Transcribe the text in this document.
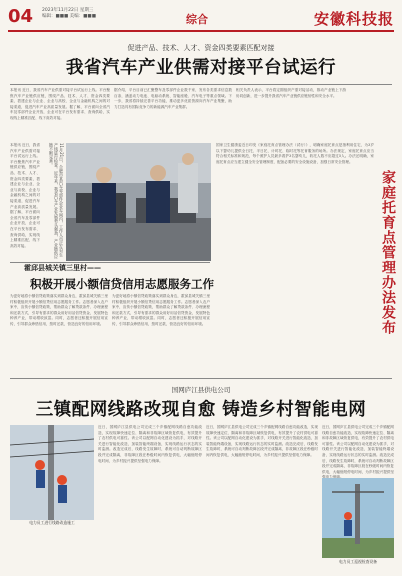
04 2023年11月22日 星期三
编辑：■■■ 美编：■■■	综合	安徽科技报
促进产品、技术、人才、资金四类要素匹配对接
我省汽车产业供需对接平台试运行
本报讯 近日，我省汽车产业供需对接平台试运行上线。平台聚焦汽车产业链供应链，围绕产品、技术、人才、资金四类要素，搭建企业与企业、企业与高校、企业与金融机构之间的对接渠道，促进汽车产业高质量发展。据了解，平台面向全省汽车及零部件企业开放，企业可在平台发布需求、查询供给，实现线上精准匹配、线下高效对接。
据介绍，平台目前已汇聚整车及零部件企业数千家，发布各类需求信息数百条，涵盖动力电池、电驱动系统、智能座舱、汽车电子等重点领域。下一步，我省将持续完善平台功能，推动更多优质资源向汽车产业集聚，助力打造具有国际竞争力的新能源汽车产业集群。
相关负责人表示，平台将定期组织产需对接活动，推动产业链上下游协同创新，进一步提升我省汽车产业链供应链韧性和安全水平。
本报讯 近日，我省汽车产业供需对接平台试运行上线。平台聚焦汽车产业链供应链，围绕产品、技术、人才、资金四类要素，搭建企业与企业、企业与高校、企业与金融机构之间的对接渠道，促进汽车产业高质量发展。据了解，平台面向全省汽车及零部件企业开放，企业可在平台发布需求、查询供给，实现线上精准匹配、线下高效对接。	11月21日，合肥市某汽车零部件企业车间内，工作人员正在对生产线进行检查。近年来，我省汽车产业发展势头强劲，产业链供应链不断完善。	国家卫生健康委近日印发《家庭托育点管理办法（试行）》，明确家庭托育点是指利用住宅，为3岁以下婴幼儿提供全日托、半日托、计时托、临时托等托育服务的场所。办法规定，家庭托育点应当符合相关标准和规范，每个照护人员最多看护3名婴幼儿，收托人数不应超过5人。办法还明确，家庭托育点应当建立健全安全管理制度，配备必要的安全设施设备，加强日常安全管理。
家庭托育点管理办法发布
霍邱县城关镇三里村——
积极开展小额信贷信用志愿服务工作
为更好地将小额信贷政策落实到群众身边，霍邱县城关镇三里村积极组织开展小额信贷信用志愿服务工作。志愿者深入农户家中，宣传小额信贷政策，帮助群众了解贷款条件、办理流程和还款方式，引导有需求的群众用好用活信贷资金，发展特色种养产业，带动增收致富。同时，志愿者还积极开展信用宣传，引导群众珍惜信用，按时还款，营造良好的信用环境。
为更好地将小额信贷政策落实到群众身边，霍邱县城关镇三里村积极组织开展小额信贷信用志愿服务工作。志愿者深入农户家中，宣传小额信贷政策，帮助群众了解贷款条件、办理流程和还款方式，引导有需求的群众用好用活信贷资金，发展特色种养产业，带动增收致富。同时，志愿者还积极开展信用宣传，引导群众珍惜信用，按时还款，营造良好的信用环境。
国网庐江县供电公司
三镇配网线路改现自愈 铸造乡村智能电网
电力员工进行线路改造施工
近日，国网庐江县供电公司完成三个乡镇配网线路自愈功能改造，实现故障快速定位、隔离和非故障区域恢复供电，有效提升了农村供电可靠性。该公司以配网自动化建设为抓手，对线路开关进行智能化改造，加装智能终端设备，实现线路运行状态的实时监测。改造完成后，线路发生故障时，系统可自动判断故障区段并完成隔离，非故障区段在秒级时间内恢复供电，大幅缩短停电时间，为乡村振兴提供坚强电力保障。
近日，国网庐江县供电公司完成三个乡镇配网线路自愈功能改造，实现故障快速定位、隔离和非故障区域恢复供电，有效提升了农村供电可靠性。该公司以配网自动化建设为抓手，对线路开关进行智能化改造，加装智能终端设备，实现线路运行状态的实时监测。改造完成后，线路发生故障时，系统可自动判断故障区段并完成隔离，非故障区段在秒级时间内恢复供电，大幅缩短停电时间，为乡村振兴提供坚强电力保障。
近日，国网庐江县供电公司完成三个乡镇配网线路自愈功能改造，实现故障快速定位、隔离和非故障区域恢复供电，有效提升了农村供电可靠性。该公司以配网自动化建设为抓手，对线路开关进行智能化改造，加装智能终端设备，实现线路运行状态的实时监测。改造完成后，线路发生故障时，系统可自动判断故障区段并完成隔离，非故障区段在秒级时间内恢复供电，大幅缩短停电时间，为乡村振兴提供坚
电力员工巡视检查设备
